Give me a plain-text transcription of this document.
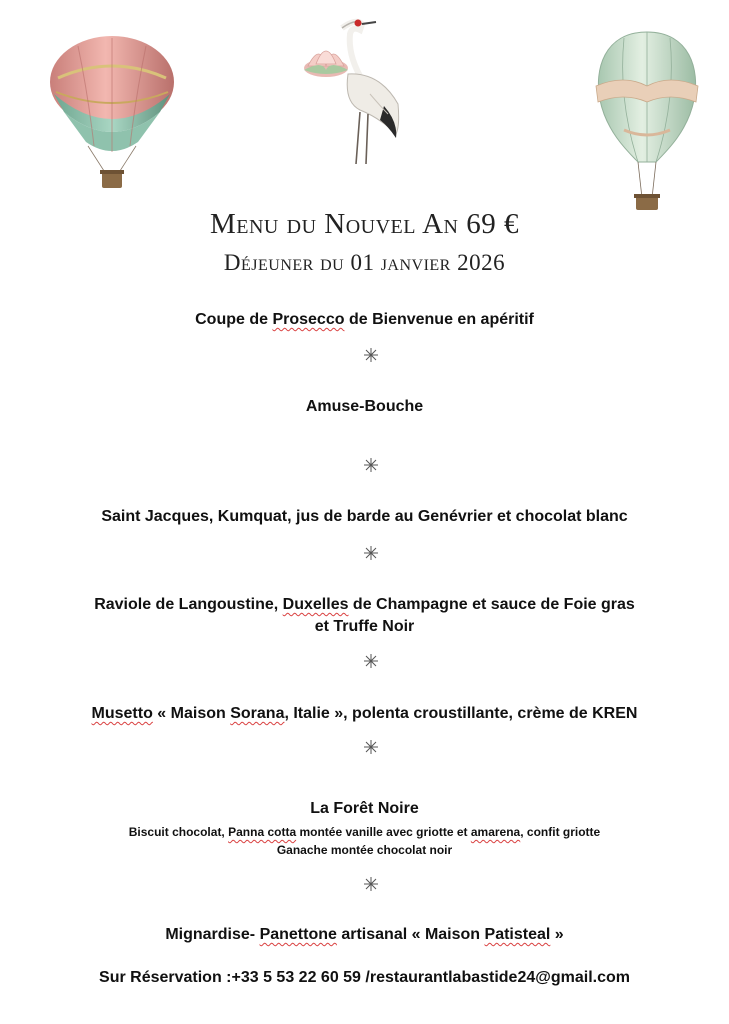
Menu du Nouvel An 69 €
Déjeuner du 01 janvier 2026
Coupe de Prosecco de Bienvenue en apéritif
Amuse-Bouche
Saint Jacques, Kumquat, jus de barde au Genévrier et chocolat blanc
Raviole de Langoustine, Duxelles de Champagne et sauce de Foie gras
et Truffe Noir
Musetto « Maison Sorana, Italie », polenta croustillante, crème de KREN
La Forêt Noire
Biscuit chocolat, Panna cotta montée vanille avec griotte et amarena, confit griotte
Ganache montée chocolat noir
Mignardise- Panettone artisanal « Maison Patisteal »
Sur Réservation :+33 5 53 22 60 59 /restaurantlabastide24@gmail.com
